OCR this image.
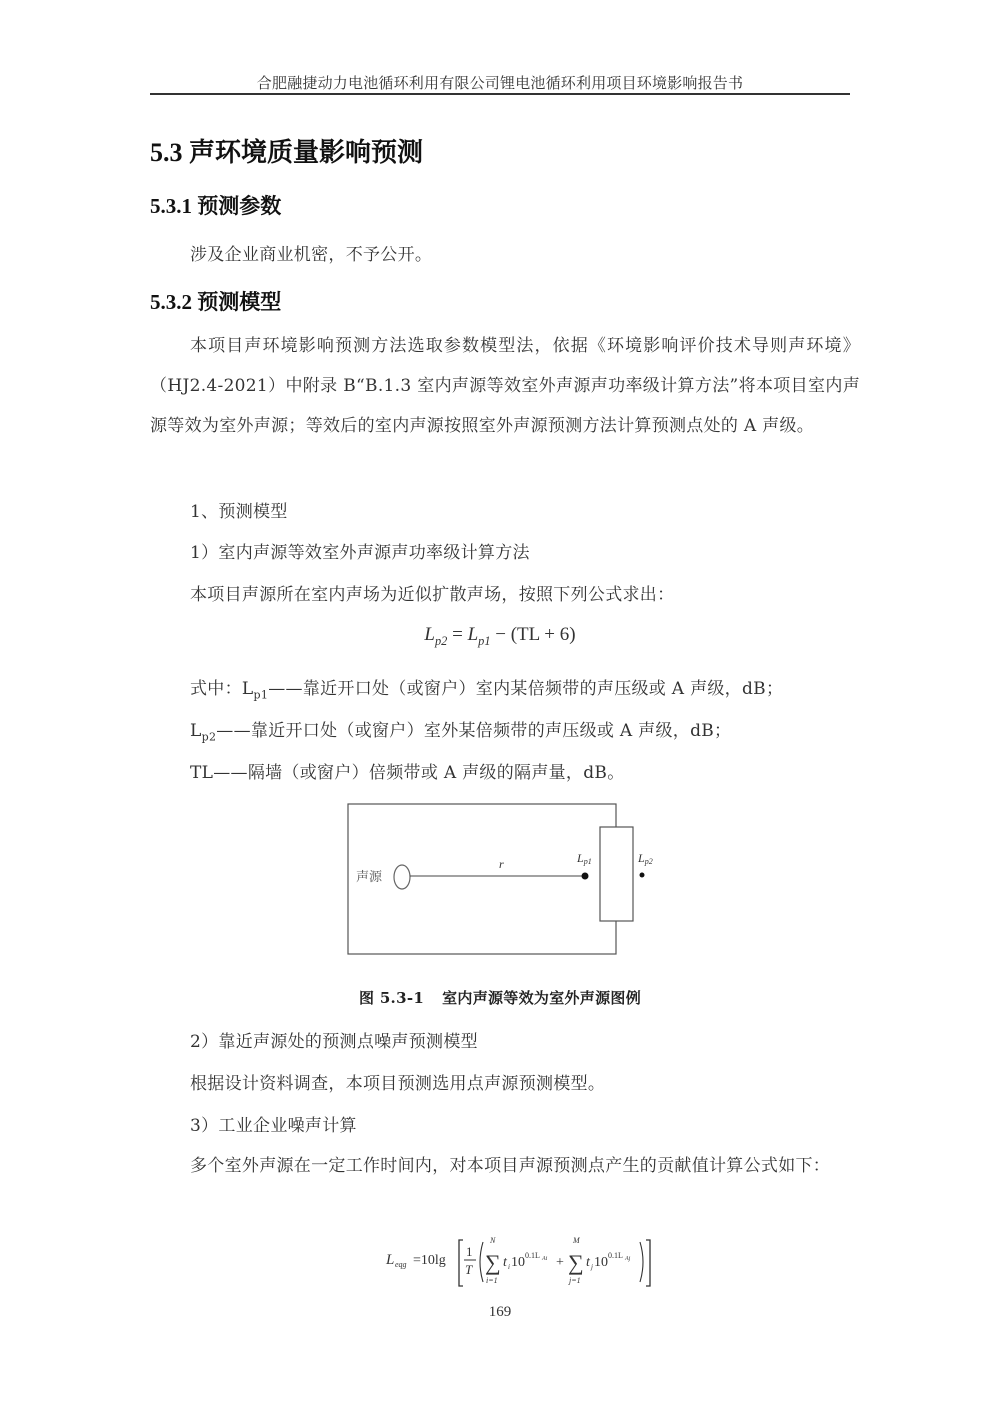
合肥融捷动力电池循环利用有限公司锂电池循环利用项目环境影响报告书
5.3 声环境质量影响预测
5.3.1 预测参数
涉及企业商业机密，不予公开。
5.3.2 预测模型
本项目声环境影响预测方法选取参数模型法，依据《环境影响评价技术导则声环境》（HJ2.4-2021）中附录 B“B.1.3 室内声源等效室外声源声功率级计算方法”将本项目室内声源等效为室外声源；等效后的室内声源按照室外声源预测方法计算预测点处的 A 声级。
1、预测模型
1）室内声源等效室外声源声功率级计算方法
本项目声源所在室内声场为近似扩散声场，按照下列公式求出：
$L_{p2} = L_{p1} - (TL + 6)$
式中：$L_{p1}——$靠近开口处（或窗户）室内某倍频带的声压级或 A 声级，dB；
$L_{p2}——$靠近开口处（或窗户）室外某倍频带的声压级或 A 声级，dB；
TL——隔墙（或窗户）倍频带或 A 声级的隔声量，dB。
声源
r	Lp1	Lp2
图 5.3-1 室内声源等效为室外声源图例
2）靠近声源处的预测点噪声预测模型
根据设计资料调查，本项目预测选用点声源预测模型。
3）工业企业噪声计算
多个室外声源在一定工作时间内，对本项目声源预测点产生的贡献值计算公式如下：
L eqg =10lg
1
T
N
∑
i=1
t i 10 0.1L Ai +
M
∑
j=1
t j 10 0.1L Aj
169
